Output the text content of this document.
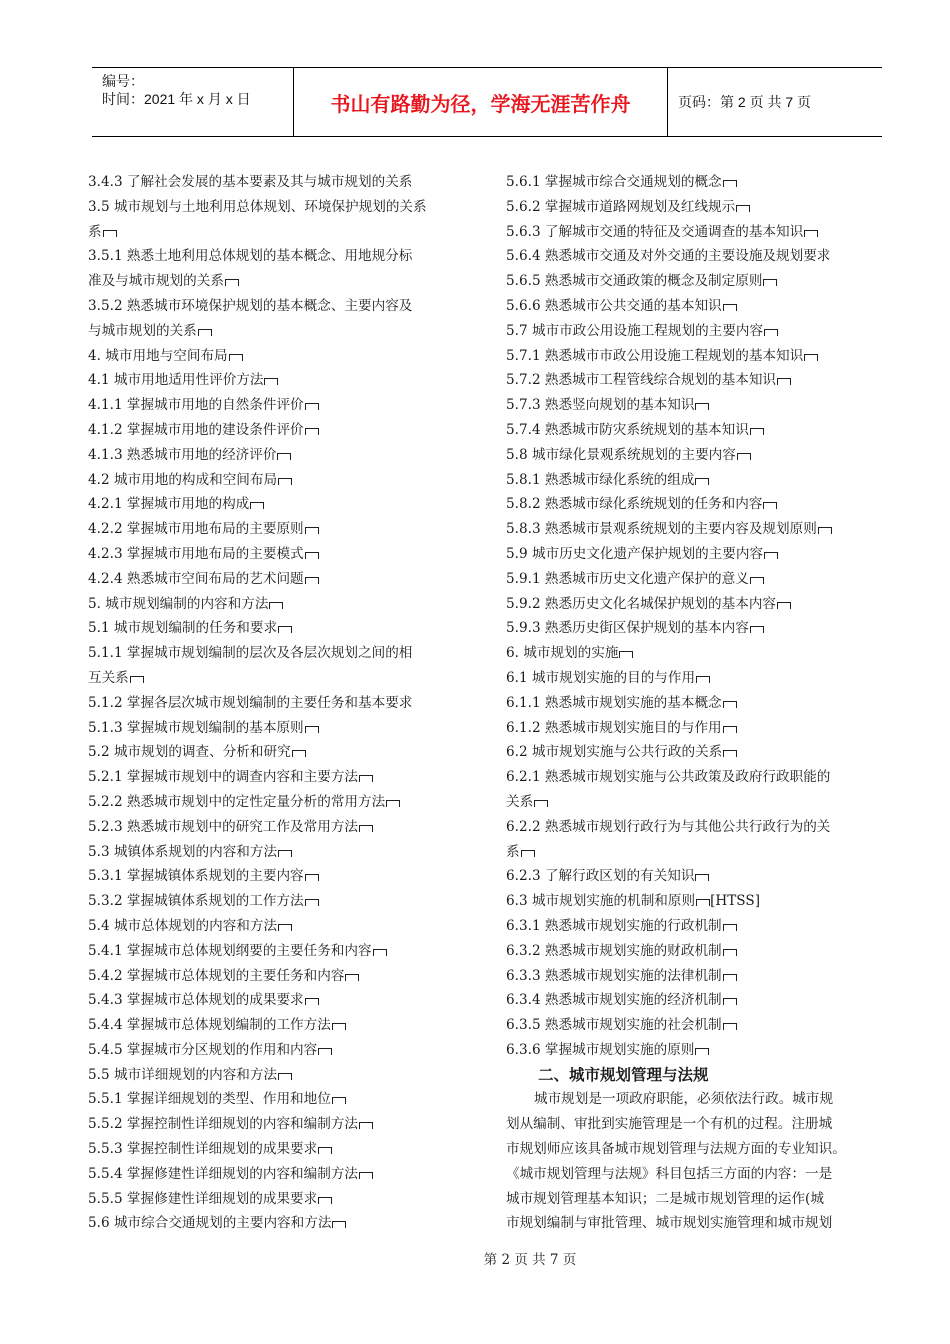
编号：
时间：2021 年 x 月 x 日	书山有路勤为径，学海无涯苦作舟	页码：第 2 页 共 7 页
3.4.3 了解社会发展的基本要素及其与城市规划的关系
3.5 城市规划与土地利用总体规划、环境保护规划的关系
系
3.5.1 熟悉土地利用总体规划的基本概念、用地规分标
准及与城市规划的关系
3.5.2 熟悉城市环境保护规划的基本概念、主要内容及
与城市规划的关系
4. 城市用地与空间布局
4.1 城市用地适用性评价方法
4.1.1 掌握城市用地的自然条件评价
4.1.2 掌握城市用地的建设条件评价
4.1.3 熟悉城市用地的经济评价
4.2 城市用地的构成和空间布局
4.2.1 掌握城市用地的构成
4.2.2 掌握城市用地布局的主要原则
4.2.3 掌握城市用地布局的主要模式
4.2.4 熟悉城市空间布局的艺术问题
5. 城市规划编制的内容和方法
5.1 城市规划编制的任务和要求
5.1.1 掌握城市规划编制的层次及各层次规划之间的相
互关系
5.1.2 掌握各层次城市规划编制的主要任务和基本要求
5.1.3 掌握城市规划编制的基本原则
5.2 城市规划的调查、分析和研究
5.2.1 掌握城市规划中的调查内容和主要方法
5.2.2 熟悉城市规划中的定性定量分析的常用方法
5.2.3 熟悉城市规划中的研究工作及常用方法
5.3 城镇体系规划的内容和方法
5.3.1 掌握城镇体系规划的主要内容
5.3.2 掌握城镇体系规划的工作方法
5.4 城市总体规划的内容和方法
5.4.1 掌握城市总体规划纲要的主要任务和内容
5.4.2 掌握城市总体规划的主要任务和内容
5.4.3 掌握城市总体规划的成果要求
5.4.4 掌握城市总体规划编制的工作方法
5.4.5 掌握城市分区规划的作用和内容
5.5 城市详细规划的内容和方法
5.5.1 掌握详细规划的类型、作用和地位
5.5.2 掌握控制性详细规划的内容和编制方法
5.5.3 掌握控制性详细规划的成果要求
5.5.4 掌握修建性详细规划的内容和编制方法
5.5.5 掌握修建性详细规划的成果要求
5.6 城市综合交通规划的主要内容和方法
5.6.1 掌握城市综合交通规划的概念
5.6.2 掌握城市道路网规划及红线规示
5.6.3 了解城市交通的特征及交通调查的基本知识
5.6.4 熟悉城市交通及对外交通的主要设施及规划要求
5.6.5 熟悉城市交通政策的概念及制定原则
5.6.6 熟悉城市公共交通的基本知识
5.7 城市市政公用设施工程规划的主要内容
5.7.1 熟悉城市市政公用设施工程规划的基本知识
5.7.2 熟悉城市工程管线综合规划的基本知识
5.7.3 熟悉竖向规划的基本知识
5.7.4 熟悉城市防灾系统规划的基本知识
5.8 城市绿化景观系统规划的主要内容
5.8.1 熟悉城市绿化系统的组成
5.8.2 熟悉城市绿化系统规划的任务和内容
5.8.3 熟悉城市景观系统规划的主要内容及规划原则
5.9 城市历史文化遗产保护规划的主要内容
5.9.1 熟悉城市历史文化遗产保护的意义
5.9.2 熟悉历史文化名城保护规划的基本内容
5.9.3 熟悉历史街区保护规划的基本内容
6. 城市规划的实施
6.1 城市规划实施的目的与作用
6.1.1 熟悉城市规划实施的基本概念
6.1.2 熟悉城市规划实施目的与作用
6.2 城市规划实施与公共行政的关系
6.2.1 熟悉城市规划实施与公共政策及政府行政职能的
关系
6.2.2 熟悉城市规划行政行为与其他公共行政行为的关
系
6.2.3 了解行政区划的有关知识
6.3 城市规划实施的机制和原则 [HTSS]
6.3.1 熟悉城市规划实施的行政机制
6.3.2 熟悉城市规划实施的财政机制
6.3.3 熟悉城市规划实施的法律机制
6.3.4 熟悉城市规划实施的经济机制
6.3.5 熟悉城市规划实施的社会机制
6.3.6 掌握城市规划实施的原则
二、城市规划管理与法规
城市规划是一项政府职能，必须依法行政。城市规
划从编制、审批到实施管理是一个有机的过程。注册城
市规划师应该具备城市规划管理与法规方面的专业知识。
《城市规划管理与法规》科目包括三方面的内容：一是
城市规划管理基本知识；二是城市规划管理的运作(城
市规划编制与审批管理、城市规划实施管理和城市规划
第 2 页 共 7 页
